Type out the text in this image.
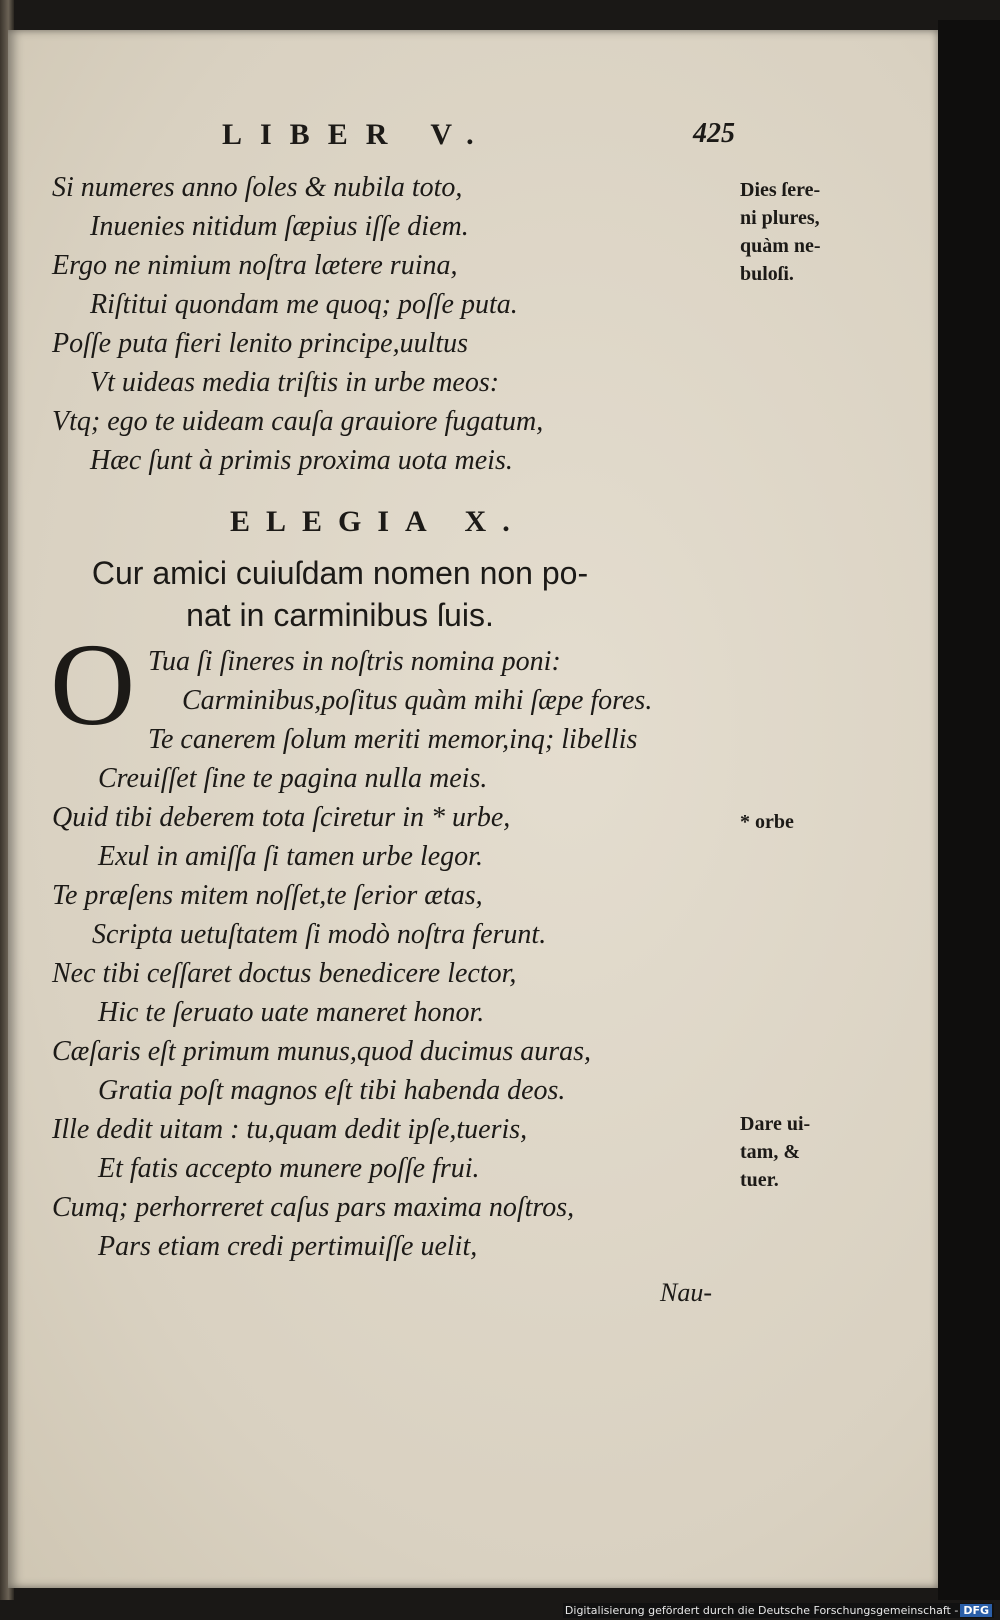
LIBER V.	425
Si numeres anno ſoles & nubila toto,
Inuenies nitidum ſæpius iſſe diem.
Ergo ne nimium noſtra lætere ruina,
Riſtitui quondam me quoq; poſſe puta.
Poſſe puta fieri lenito principe,uultus
Vt uideas media triſtis in urbe meos:
Vtq; ego te uideam cauſa grauiore fugatum,
Hæc ſunt à primis proxima uota meis.
ELEGIA X.
Cur amici cuiuſdam nomen non po-
nat in carminibus ſuis.
O Tua ſi ſineres in noſtris nomina poni:
Carminibus,poſitus quàm mihi ſæpe fores.
Te canerem ſolum meriti memor,inq; libellis
Creuiſſet ſine te pagina nulla meis.
Quid tibi deberem tota ſciretur in * urbe,
Exul in amiſſa ſi tamen urbe legor.
Te præſens mitem noſſet,te ſerior ætas,
Scripta uetuſtatem ſi modò noſtra ferunt.
Nec tibi ceſſaret doctus benedicere lector,
Hic te ſeruato uate maneret honor.
Cæſaris eſt primum munus,quod ducimus auras,
Gratia poſt magnos eſt tibi habenda deos.
Ille dedit uitam : tu,quam dedit ipſe,tueris,
Et fatis accepto munere poſſe frui.
Cumq; perhorreret caſus pars maxima noſtros,
Pars etiam credi pertimuiſſe uelit,
Dies ſere-
ni plures,
quàm ne-
buloſi.
* orbe
Dare ui-
tam, &
tuer.
Nau-
Digitalisierung gefördert durch die Deutsche Forschungsgemeinschaft - DFG
